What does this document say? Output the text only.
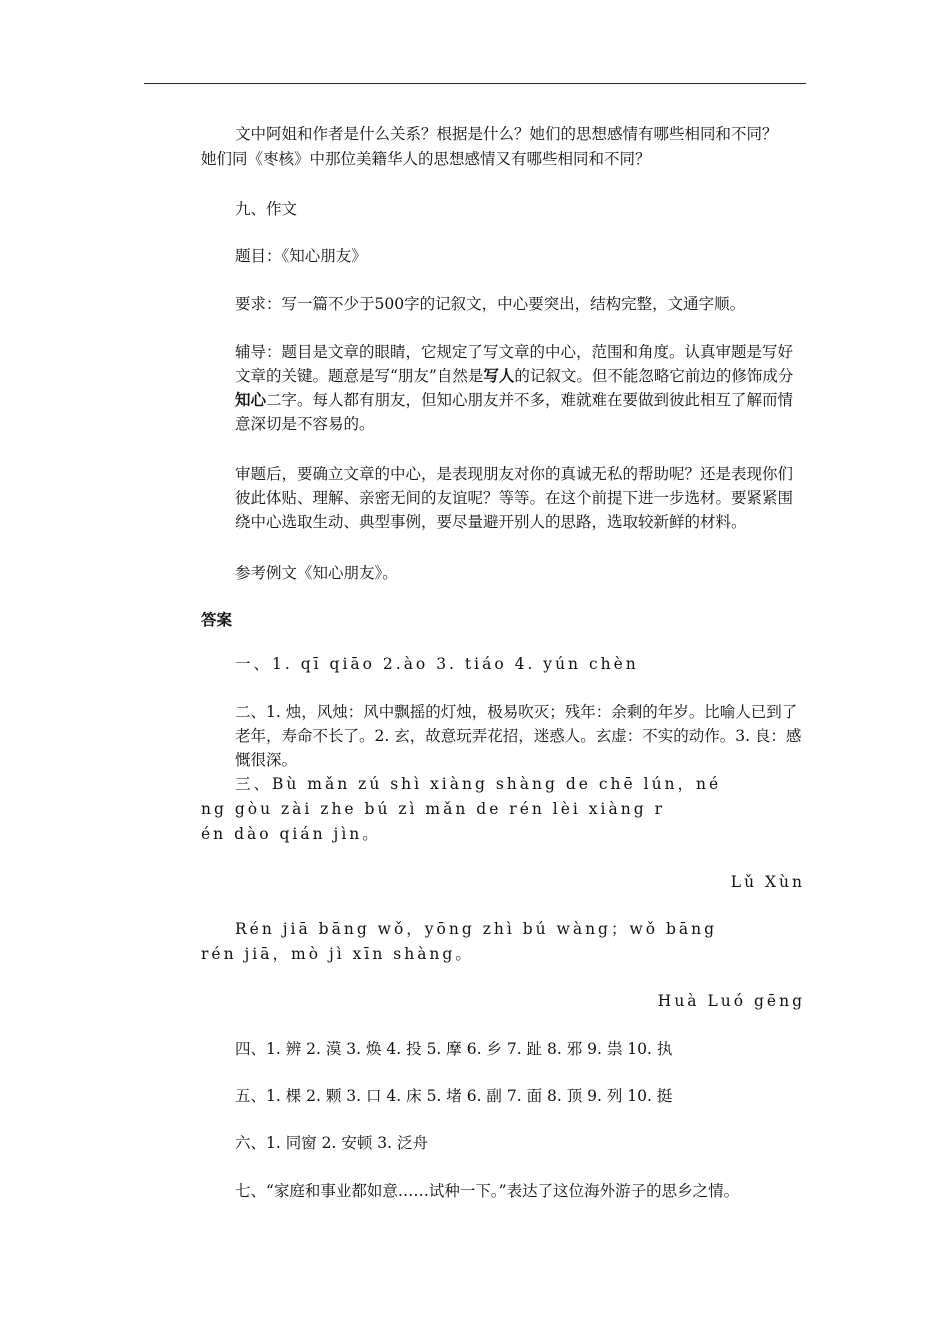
文中阿姐和作者是什么关系？根据是什么？她们的思想感情有哪些相同和不同？

她们同《枣核》中那位美籍华人的思想感情又有哪些相同和不同？

九、作文

题目：《知心朋友》

要求：写一篇不少于500字的记叙文，中心要突出，结构完整，文通字顺。

辅导：题目是文章的眼睛，它规定了写文章的中心，范围和角度。认真审题是写好文章的关键。题意是写“朋友”自然是写人的记叙文。但不能忽略它前边的修饰成分知心二字。每人都有朋友，但知心朋友并不多，难就难在要做到彼此相互了解而情意深切是不容易的。

审题后，要确立文章的中心，是表现朋友对你的真诚无私的帮助呢？还是表现你们彼此体贴、理解、亲密无间的友谊呢？等等。在这个前提下进一步选材。要紧紧围绕中心选取生动、典型事例，要尽量避开别人的思路，选取较新鲜的材料。

参考例文《知心朋友》。

答案

一、1. qī qiāo 2.ào 3. tiáo 4. yún chèn

二、1. 烛，风烛：风中飘摇的灯烛，极易吹灭；残年：余剩的年岁。比喻人已到了老年，寿命不长了。2. 玄，故意玩弄花招，迷惑人。玄虚：不实的动作。3. 良：感慨很深。

三、Bù mǎn zú shì xiàng shàng de chē lún，né

ng gòu zài zhe bú zì mǎn de rén lèi xiàng r

én dào qián jìn。

Lǔ Xùn

Rén jiā bāng wǒ，yōng zhì bú wàng；wǒ bāng

rén jiā，mò jì xīn shàng。

Huà Luó gēng

四、1. 辨 2. 漠 3. 焕 4. 投 5. 摩 6. 乡 7. 趾 8. 邪 9. 祟 10. 执

五、1. 棵 2. 颗 3. 口 4. 床 5. 堵 6. 副 7. 面 8. 顶 9. 列 10. 挺

六、1. 同窗 2. 安顿 3. 泛舟

七、“家庭和事业都如意……试种一下。”表达了这位海外游子的思乡之情。
